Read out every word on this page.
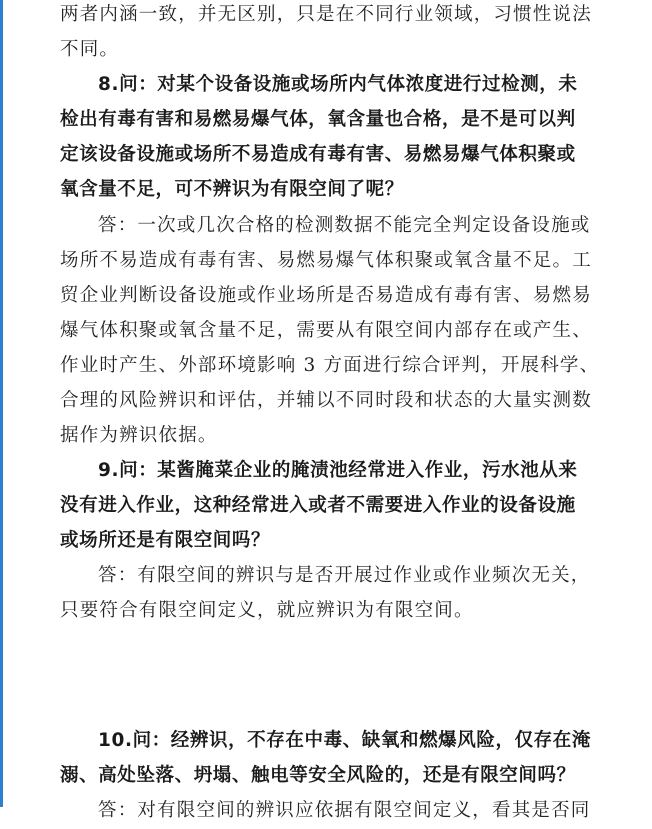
两者内涵一致，并无区别，只是在不同行业领域，习惯性说法
不同。
8.问：对某个设备设施或场所内气体浓度进行过检测，未
检出有毒有害和易燃易爆气体，氧含量也合格，是不是可以判
定该设备设施或场所不易造成有毒有害、易燃易爆气体积聚或
氧含量不足，可不辨识为有限空间了呢？
答：一次或几次合格的检测数据不能完全判定设备设施或
场所不易造成有毒有害、易燃易爆气体积聚或氧含量不足。工
贸企业判断设备设施或作业场所是否易造成有毒有害、易燃易
爆气体积聚或氧含量不足，需要从有限空间内部存在或产生、
作业时产生、外部环境影响 3 方面进行综合评判，开展科学、
合理的风险辨识和评估，并辅以不同时段和状态的大量实测数
据作为辨识依据。
9.问：某酱腌菜企业的腌渍池经常进入作业，污水池从来
没有进入作业，这种经常进入或者不需要进入作业的设备设施
或场所还是有限空间吗？
答：有限空间的辨识与是否开展过作业或作业频次无关，
只要符合有限空间定义，就应辨识为有限空间。
10.问：经辨识，不存在中毒、缺氧和燃爆风险，仅存在淹
溺、高处坠落、坍塌、触电等安全风险的，还是有限空间吗？
答：对有限空间的辨识应依据有限空间定义，看其是否同
